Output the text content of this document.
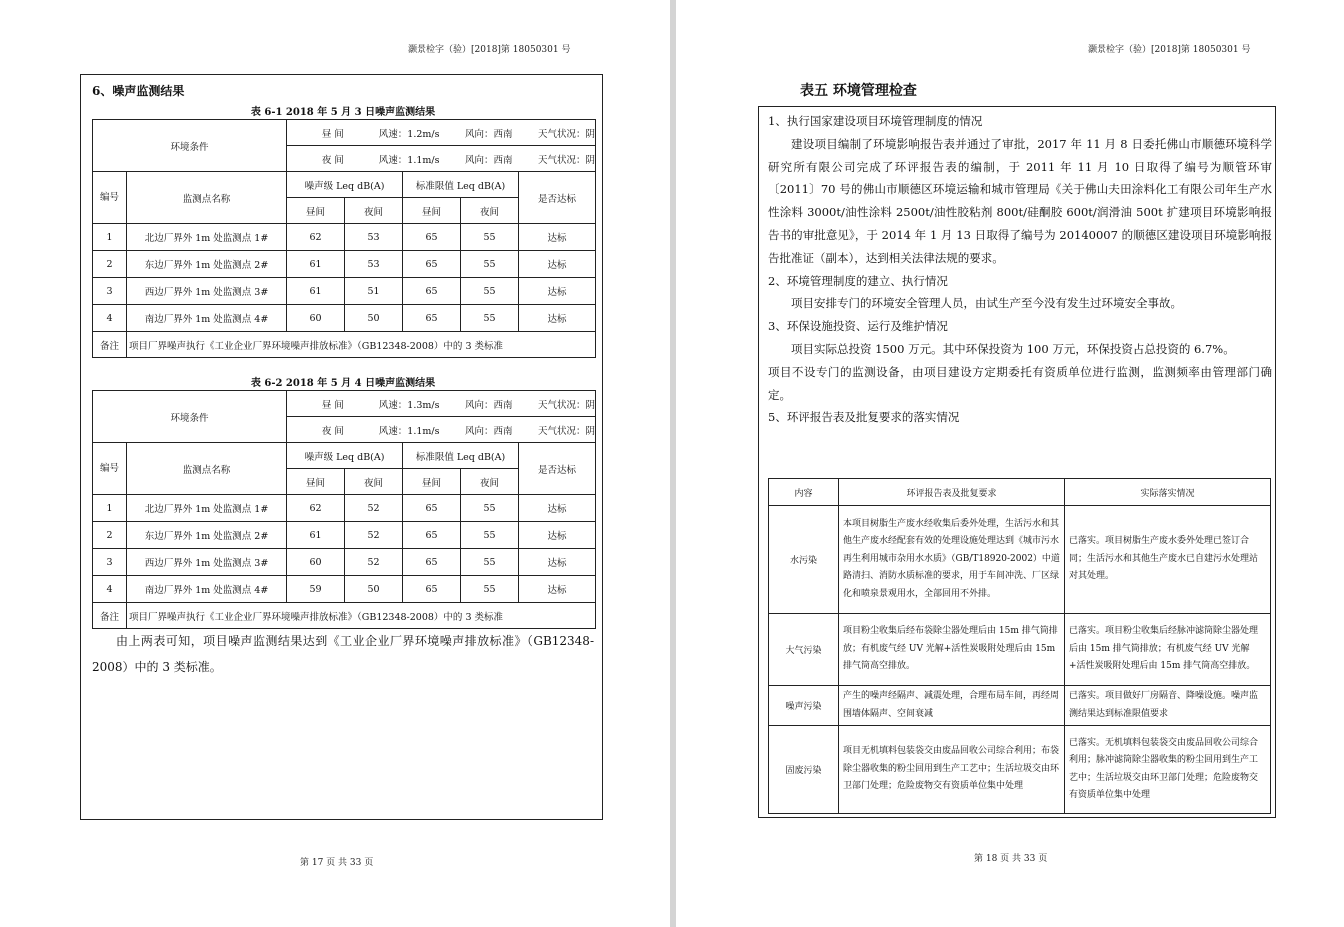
灏景检字（验）[2018]第 18050301 号
6、噪声监测结果
表 6-1 2018 年 5 月 3 日噪声监测结果
环境条件		昼 间 风速：1.2m/s 风向：西南 天气状况：阴				

		夜 间 风速：1.1m/s 风向：西南 天气状况：阴				

编号	监测点名称	噪声级 Leq dB(A)		标准限值 Leq dB(A)		是否达标
		昼间	夜间	昼间	夜间	
1	北边厂界外 1m 处监测点 1#	62	53	65	55	达标
2	东边厂界外 1m 处监测点 2#	61	53	65	55	达标
3	西边厂界外 1m 处监测点 3#	61	51	65	55	达标
4	南边厂界外 1m 处监测点 4#	60	50	65	55	达标
备注	项目厂界噪声执行《工业企业厂界环境噪声排放标准》（GB12348-2008）中的 3 类标准					
表 6-2 2018 年 5 月 4 日噪声监测结果
环境条件		昼 间 风速：1.3m/s 风向：西南 天气状况：阴				

		夜 间 风速：1.1m/s 风向：西南 天气状况：阴				

编号	监测点名称	噪声级 Leq dB(A)		标准限值 Leq dB(A)		是否达标
		昼间	夜间	昼间	夜间	
1	北边厂界外 1m 处监测点 1#	62	52	65	55	达标
2	东边厂界外 1m 处监测点 2#	61	52	65	55	达标
3	西边厂界外 1m 处监测点 3#	60	52	65	55	达标
4	南边厂界外 1m 处监测点 4#	59	50	65	55	达标
备注	项目厂界噪声执行《工业企业厂界环境噪声排放标准》（GB12348-2008）中的 3 类标准					

由上两表可知，项目噪声监测结果达到《工业企业厂界环境噪声排放标准》（GB12348-2008）中的 3 类标准。

第 17 页 共 33 页
灏景检字（验）[2018]第 18050301 号
表五 环境管理检查

1、执行国家建设项目环境管理制度的情况

建设项目编制了环境影响报告表并通过了审批，2017 年 11 月 8 日委托佛山市顺德环境科学研究所有限公司完成了环评报告表的编制，于 2011 年 11 月 10 日取得了编号为顺管环审〔2011〕70 号的佛山市顺德区环境运输和城市管理局《关于佛山夫田涂料化工有限公司年生产水性涂料 3000t/油性涂料 2500t/油性胶粘剂 800t/硅酮胶 600t/润滑油 500t 扩建项目环境影响报告书的审批意见》，于 2014 年 1 月 13 日取得了编号为 20140007 的顺德区建设项目环境影响报告批准证（副本），达到相关法律法规的要求。

2、环境管理制度的建立、执行情况

项目安排专门的环境安全管理人员，由试生产至今没有发生过环境安全事故。

3、环保设施投资、运行及维护情况

项目实际总投资 1500 万元。其中环保投资为 100 万元，环保投资占总投资的 6.7%。

项目不设专门的监测设备，由项目建设方定期委托有资质单位进行监测，监测频率由管理部门确定。

5、环评报告表及批复要求的落实情况

内容	环评报告表及批复要求	实际落实情况
水污染	本项目树脂生产废水经收集后委外处理，生活污水和其他生产废水经配套有效的处理设施处理达到《城市污水再生利用城市杂用水水质》（GB/T18920-2002）中道路清扫、消防水质标准的要求，用于车间冲洗、厂区绿化和喷泉景观用水，全部回用不外排。	已落实。项目树脂生产废水委外处理已签订合同；生活污水和其他生产废水已自建污水处理站对其处理。
大气污染	项目粉尘收集后经布袋除尘器处理后由 15m 排气筒排放；有机废气经 UV 光解+活性炭吸附处理后由 15m 排气筒高空排放。	已落实。项目粉尘收集后经脉冲滤筒除尘器处理后由 15m 排气筒排放；有机废气经 UV 光解+活性炭吸附处理后由 15m 排气筒高空排放。
噪声污染	产生的噪声经隔声、减震处理，合理布局车间，再经周围墙体隔声、空间衰减	已落实。项目做好厂房隔音、降噪设施。噪声监测结果达到标准限值要求
固废污染	项目无机填料包装袋交由废品回收公司综合利用；布袋除尘器收集的粉尘回用到生产工艺中；生活垃圾交由环卫部门处理；危险废物交有资质单位集中处理	已落实。无机填料包装袋交由废品回收公司综合利用；脉冲滤筒除尘器收集的粉尘回用到生产工艺中；生活垃圾交由环卫部门处理；危险废物交有资质单位集中处理
第 18 页 共 33 页
